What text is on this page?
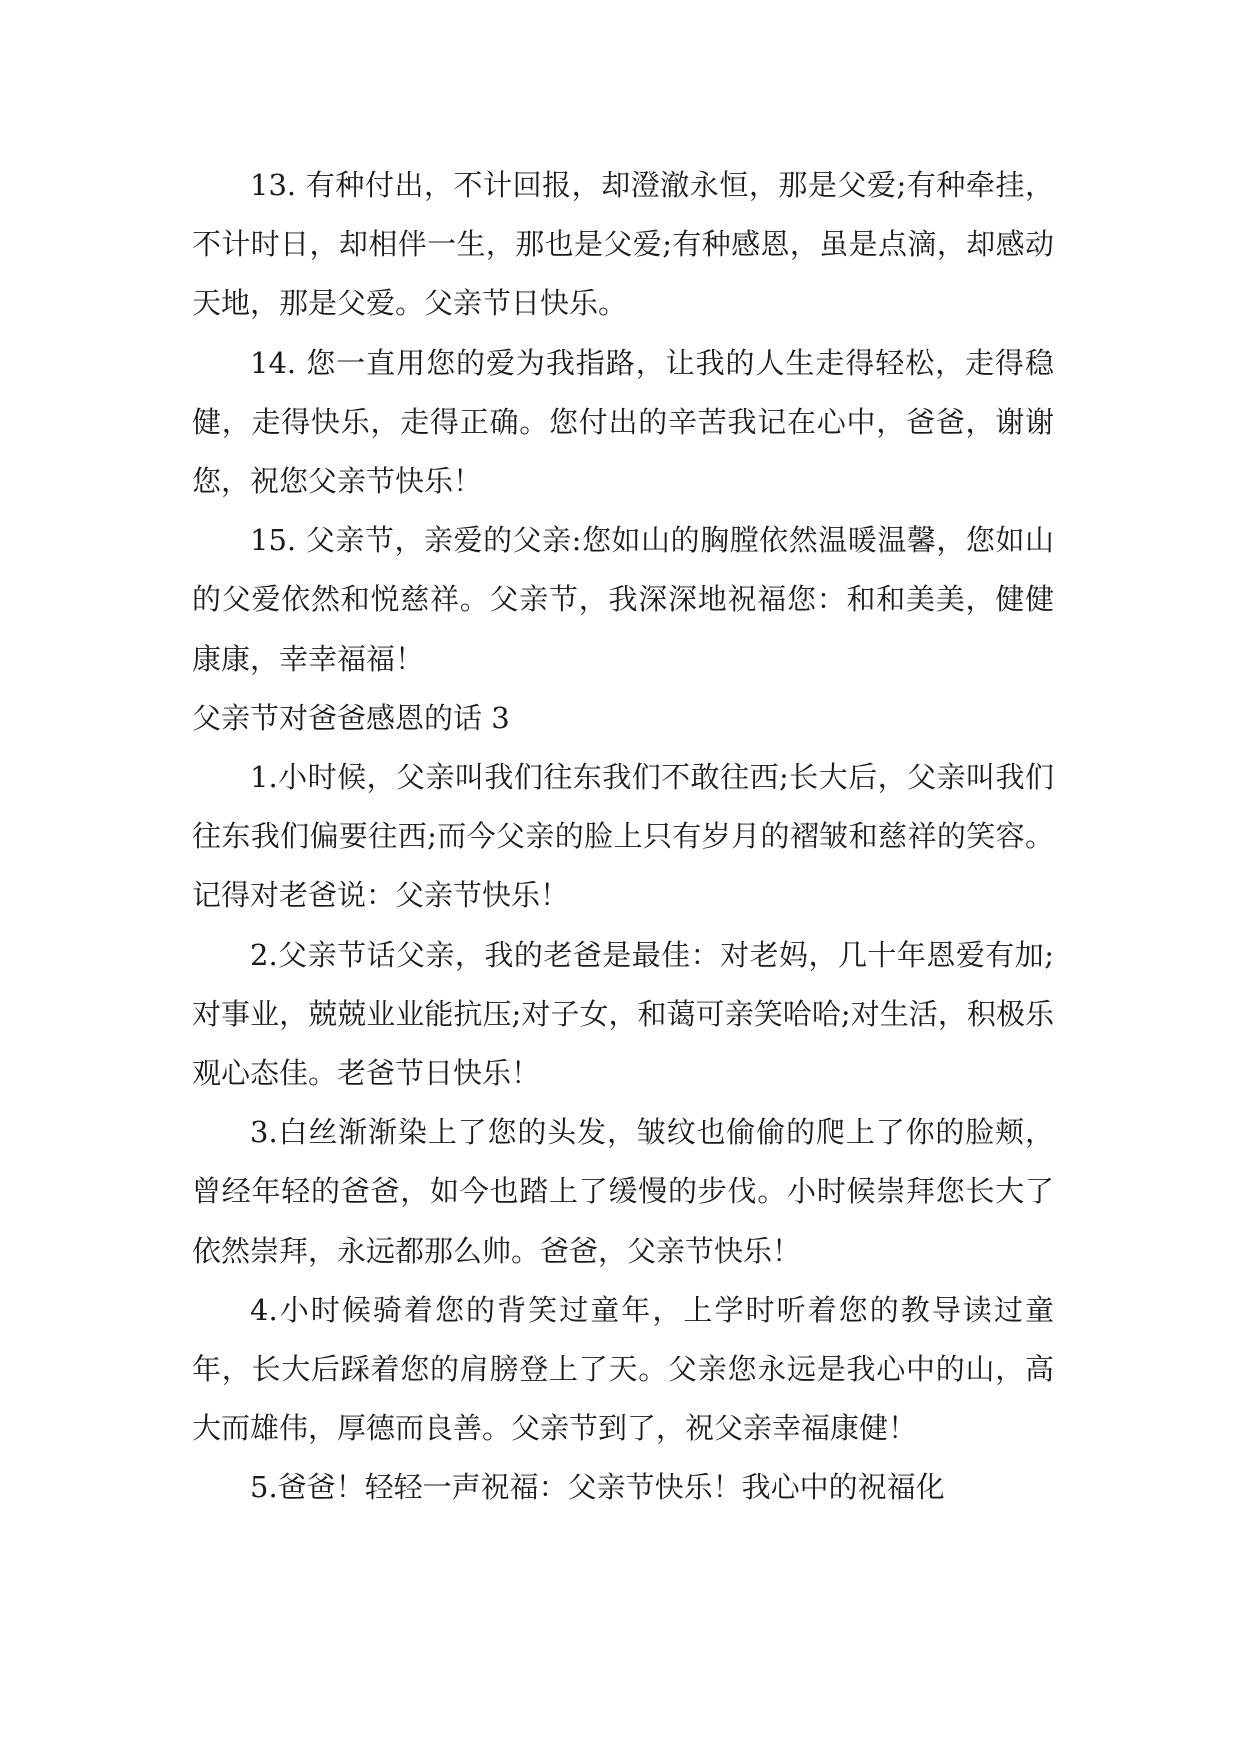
13. 有种付出，不计回报，却澄澈永恒，那是父爱;有种牵挂，不计时日，却相伴一生，那也是父爱;有种感恩，虽是点滴，却感动天地，那是父爱。父亲节日快乐。

14. 您一直用您的爱为我指路，让我的人生走得轻松，走得稳健，走得快乐，走得正确。您付出的辛苦我记在心中，爸爸，谢谢您，祝您父亲节快乐！

15. 父亲节，亲爱的父亲:您如山的胸膛依然温暖温馨，您如山的父爱依然和悦慈祥。父亲节，我深深地祝福您：和和美美，健健康康，幸幸福福！

父亲节对爸爸感恩的话 3

1.小时候，父亲叫我们往东我们不敢往西;长大后，父亲叫我们往东我们偏要往西;而今父亲的脸上只有岁月的褶皱和慈祥的笑容。记得对老爸说：父亲节快乐！

2.父亲节话父亲，我的老爸是最佳：对老妈，几十年恩爱有加;对事业，兢兢业业能抗压;对子女，和蔼可亲笑哈哈;对生活，积极乐观心态佳。老爸节日快乐！

3.白丝渐渐染上了您的头发，皱纹也偷偷的爬上了你的脸颊，曾经年轻的爸爸，如今也踏上了缓慢的步伐。小时候崇拜您长大了依然崇拜，永远都那么帅。爸爸，父亲节快乐！

4.小时候骑着您的背笑过童年，上学时听着您的教导读过童年，长大后踩着您的肩膀登上了天。父亲您永远是我心中的山，高大而雄伟，厚德而良善。父亲节到了，祝父亲幸福康健！

5.爸爸！轻轻一声祝福：父亲节快乐！我心中的祝福化
